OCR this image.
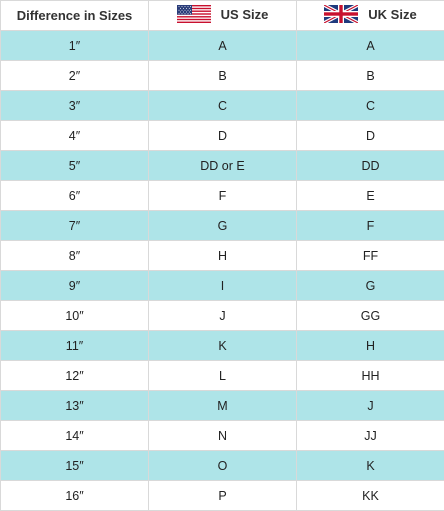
Difference in Sizes	US Size	UK Size

1″	A	A
2″	B	B
3″	C	C
4″	D	D
5″	DD or E	DD
6″	F	E
7″	G	F
8″	H	FF
9″	I	G
10″	J	GG
11″	K	H
12″	L	HH
13″	M	J
14″	N	JJ
15″	O	K
16″	P	KK
